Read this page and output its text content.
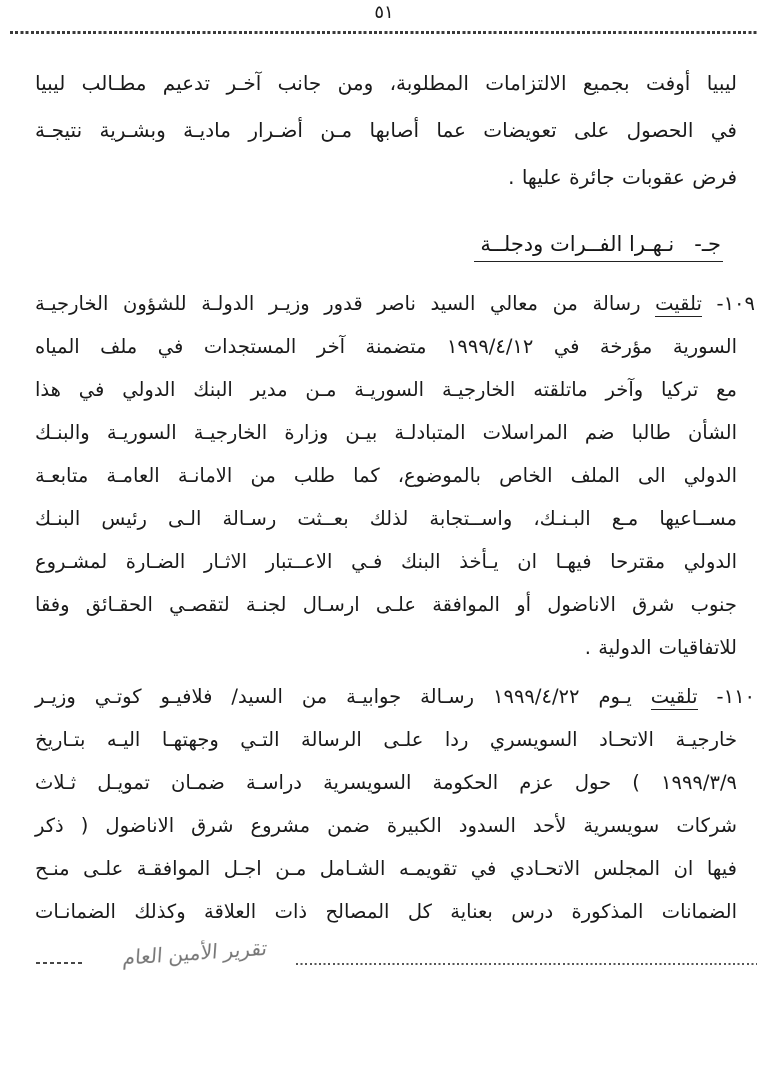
٥١
ليبيا أوفت بجميع الالتزامات المطلوبة، ومن جانب آخـر تدعيم مطـالب ليبيا
في الحصول على تعويضات عما أصابها مـن أضـرار ماديـة وبشـرية نتيجـة
فرض عقوبات جائرة عليها .
جـ-   نـهـرا الفــرات ودجلــة
١٠٩- تلقيت رسالة من معالي السيد ناصر قدور وزيـر الدولـة للشؤون الخارجيـة
السورية مؤرخة في ١٩٩٩/٤/١٢ متضمنة آخر المستجدات في ملف المياه
مع تركيا وآخر ماتلقته الخارجيـة السوريـة مـن مدير البنك الدولي في هذا
الشأن طالبا ضم المراسلات المتبادلـة بيـن وزارة الخارجيـة السوريـة والبنـك
الدولي الى الملف الخاص بالموضوع، كما طلب من الامانـة العامـة متابعـة
مســاعيها مـع البـنـك، واســتجابة لذلك بعــثت رسـالة الـى رئيس البنـك
الدولي مقترحا فيهـا ان يـأخذ البنك فـي الاعــتبار الاثـار الضـارة لمشـروع
جنوب شرق الاناضول أو الموافقة علـى ارسـال لجنـة لتقصـي الحقـائق وفقا
للاتفاقيات الدولية .
١١٠- تلقيت يـوم ١٩٩٩/٤/٢٢ رسـالة جوابيـة من السيد/ فلافيـو كوتـي وزيـر
خارجيـة الاتحـاد السويسري ردا علـى الرسالة التـي وجهتهـا اليـه بتـاريخ
١٩٩٩/٣/٩ ) حول عزم الحكومة السويسرية دراسـة ضمـان تمويـل ثـلاث
شركات سويسرية لأحد السدود الكبيرة ضمن مشروع شرق الاناضول ( ذكر
فيها ان المجلس الاتحـادي في تقويمـه الشـامل مـن اجـل الموافقـة علـى منـح
الضمانات المذكورة درس بعناية كل المصالح ذات العلاقة وكذلك الضمانـات
تقرير الأمين العام
